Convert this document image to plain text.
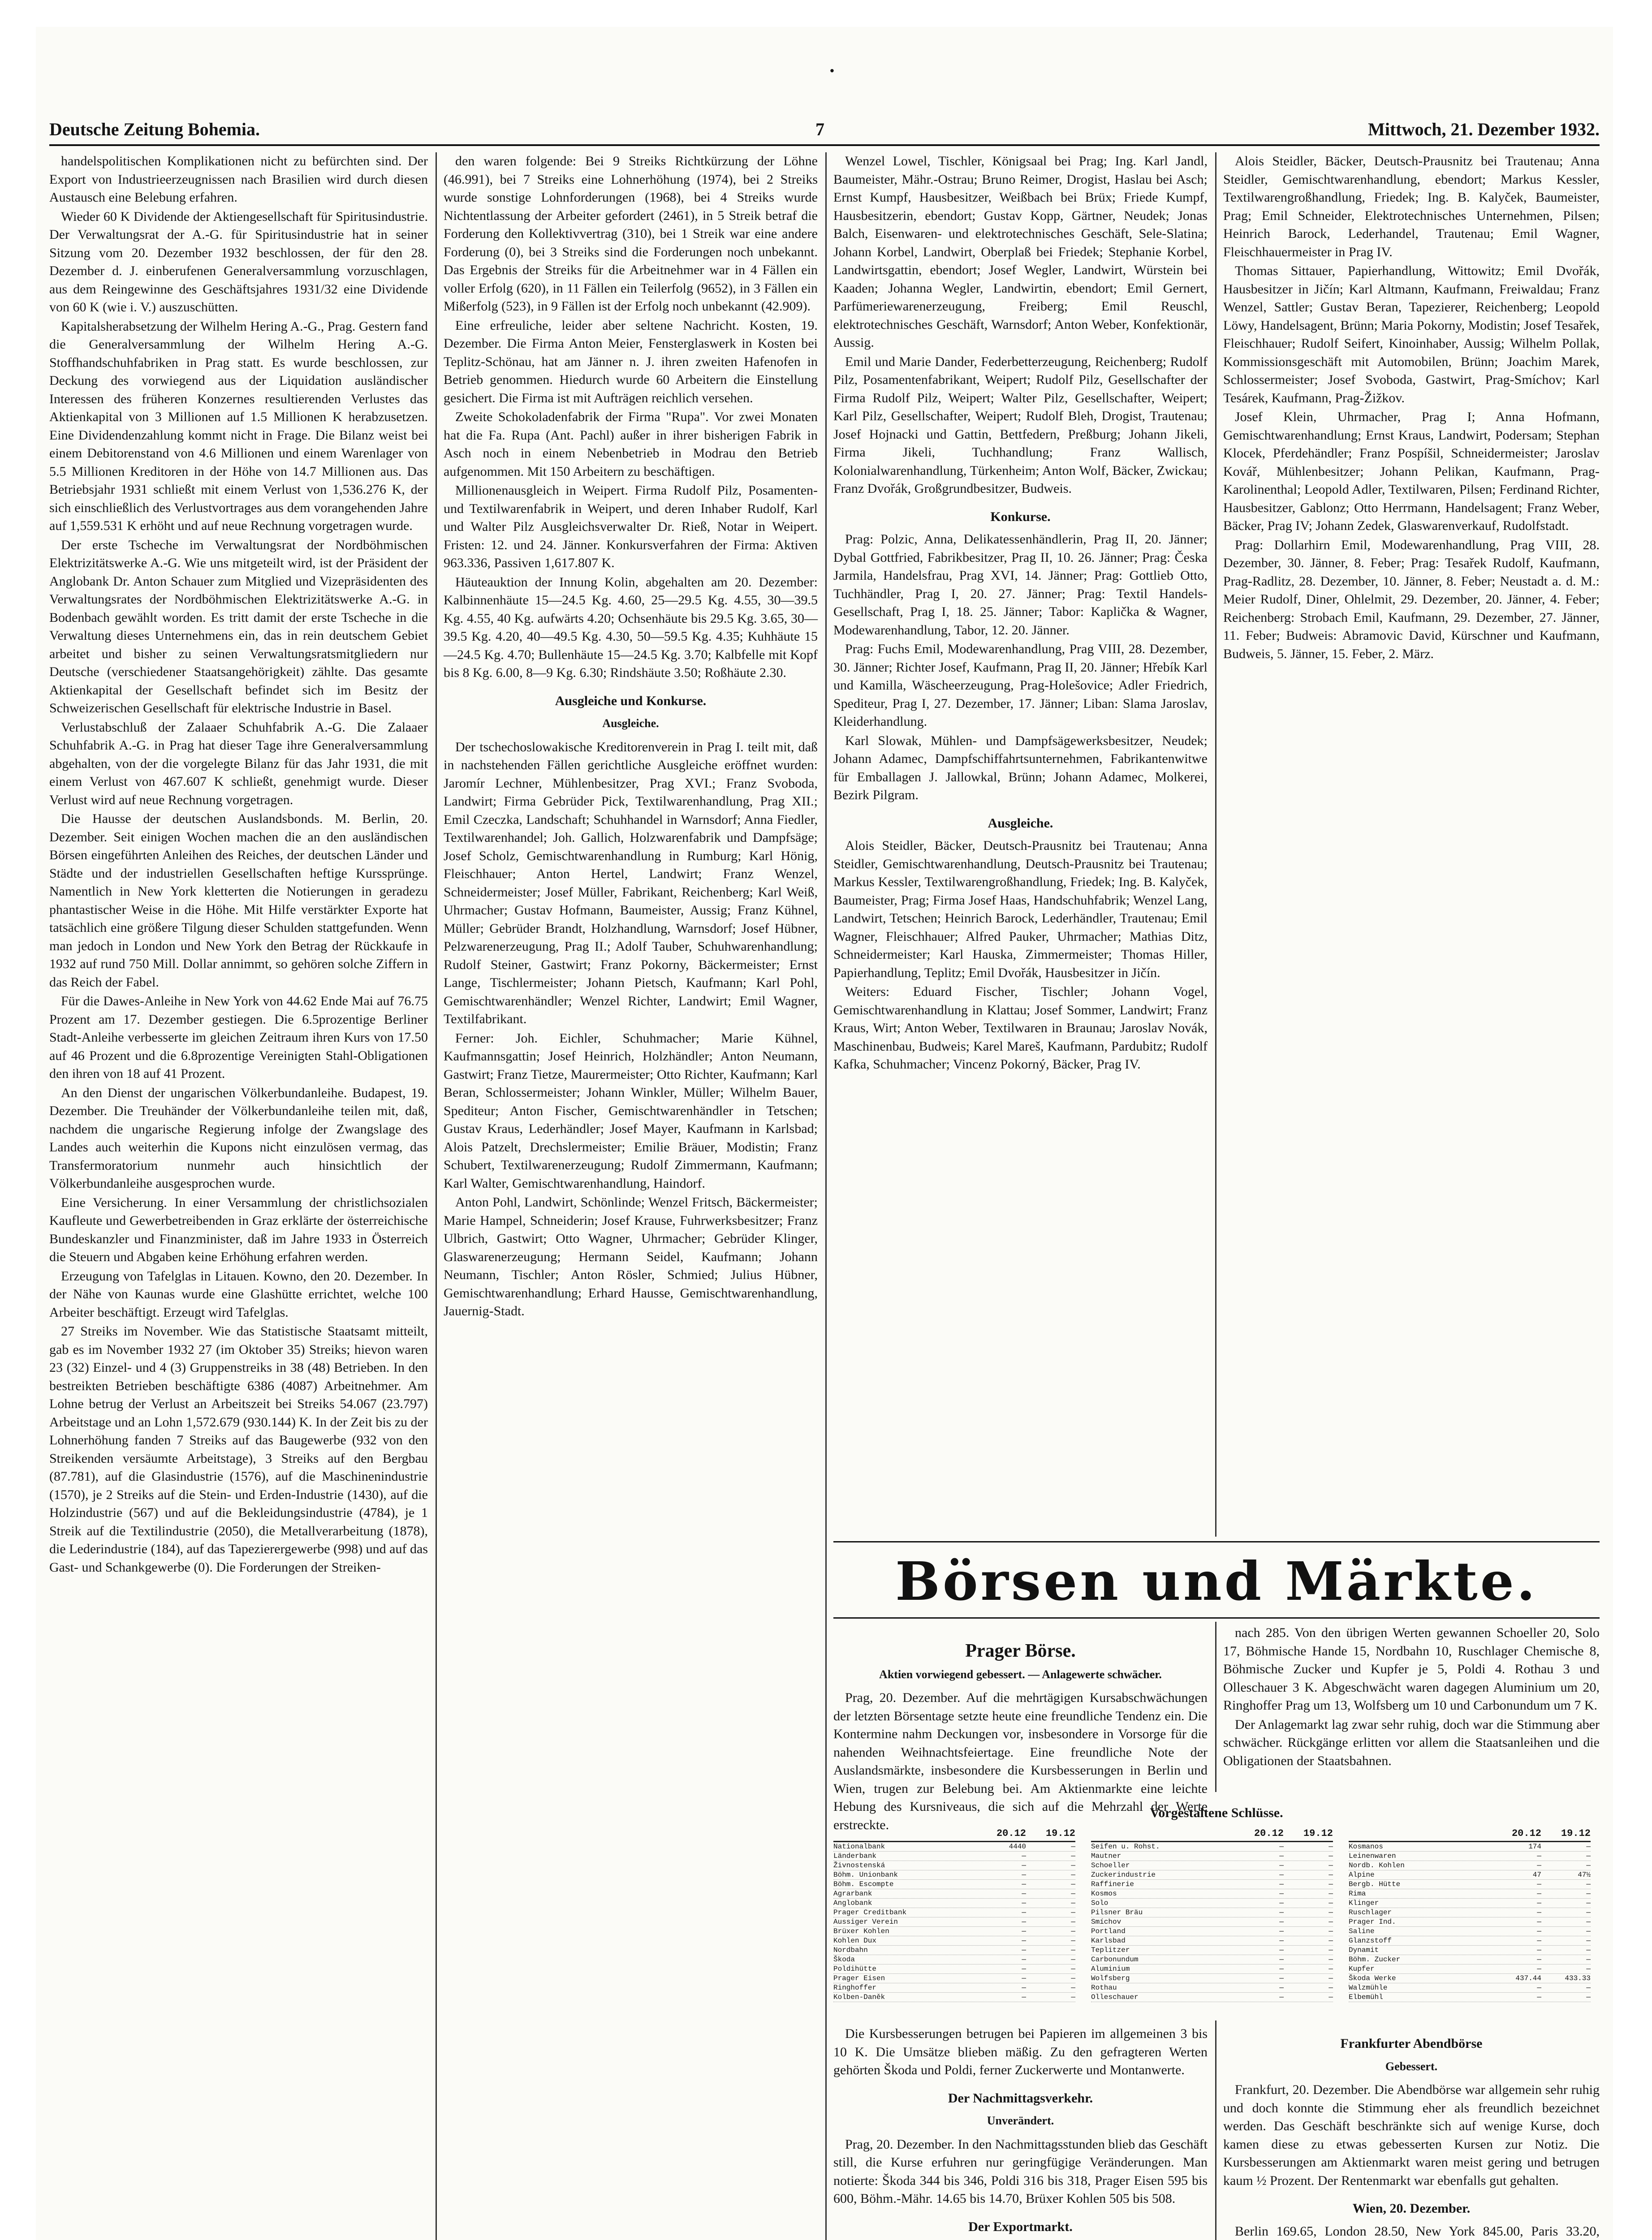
·
Deutsche Zeitung Bohemia.	7	Mittwoch, 21. Dezember 1932.

handelspolitischen Komplikationen nicht zu befürchten sind. Der Export von Industrieerzeugnissen nach Brasilien wird durch diesen Austausch eine Belebung erfahren.

Wieder 60 K Dividende der Aktiengesellschaft für Spiritusindustrie. Der Verwaltungsrat der A.-G. für Spiritusindustrie hat in seiner Sitzung vom 20. Dezember 1932 beschlossen, der für den 28. Dezember d. J. einberufenen Generalversammlung vorzuschlagen, aus dem Reingewinne des Geschäftsjahres 1931/32 eine Dividende von 60 K (wie i. V.) auszuschütten.

Kapitalsherabsetzung der Wilhelm Hering A.-G., Prag. Gestern fand die Generalversammlung der Wilhelm Hering A.-G. Stoffhandschuhfabriken in Prag statt. Es wurde beschlossen, zur Deckung des vorwiegend aus der Liquidation ausländischer Interessen des früheren Konzernes resultierenden Verlustes das Aktienkapital von 3 Millionen auf 1.5 Millionen K herabzusetzen. Eine Dividendenzahlung kommt nicht in Frage. Die Bilanz weist bei einem Debitorenstand von 4.6 Millionen und einem Warenlager von 5.5 Millionen Kreditoren in der Höhe von 14.7 Millionen aus. Das Betriebsjahr 1931 schließt mit einem Verlust von 1,536.276 K, der sich einschließlich des Verlustvortrages aus dem vorangehenden Jahre auf 1,559.531 K erhöht und auf neue Rechnung vorgetragen wurde.

Der erste Tscheche im Verwaltungsrat der Nordböhmischen Elektrizitätswerke A.-G. Wie uns mitgeteilt wird, ist der Präsident der Anglobank Dr. Anton Schauer zum Mitglied und Vizepräsidenten des Verwaltungsrates der Nordböhmischen Elektrizitätswerke A.-G. in Bodenbach gewählt worden. Es tritt damit der erste Tscheche in die Verwaltung dieses Unternehmens ein, das in rein deutschem Gebiet arbeitet und bisher zu seinen Verwaltungsratsmitgliedern nur Deutsche (verschiedener Staatsangehörigkeit) zählte. Das gesamte Aktienkapital der Gesellschaft befindet sich im Besitz der Schweizerischen Gesellschaft für elektrische Industrie in Basel.

Verlustabschluß der Zalaaer Schuhfabrik A.-G. Die Zalaaer Schuhfabrik A.-G. in Prag hat dieser Tage ihre Generalversammlung abgehalten, von der die vorgelegte Bilanz für das Jahr 1931, die mit einem Verlust von 467.607 K schließt, genehmigt wurde. Dieser Verlust wird auf neue Rechnung vorgetragen.

Die Hausse der deutschen Auslandsbonds. M. Berlin, 20. Dezember. Seit einigen Wochen machen die an den ausländischen Börsen eingeführten Anleihen des Reiches, der deutschen Länder und Städte und der industriellen Gesellschaften heftige Kurssprünge. Namentlich in New York kletterten die Notierungen in geradezu phantastischer Weise in die Höhe. Mit Hilfe verstärkter Exporte hat tatsächlich eine größere Tilgung dieser Schulden stattgefunden. Wenn man jedoch in London und New York den Betrag der Rückkaufe in 1932 auf rund 750 Mill. Dollar annimmt, so gehören solche Ziffern in das Reich der Fabel.

Für die Dawes-Anleihe in New York von 44.62 Ende Mai auf 76.75 Prozent am 17. Dezember gestiegen. Die 6.5prozentige Berliner Stadt-Anleihe verbesserte im gleichen Zeitraum ihren Kurs von 17.50 auf 46 Prozent und die 6.8prozentige Vereinigten Stahl-Obligationen den ihren von 18 auf 41 Prozent.

An den Dienst der ungarischen Völkerbundanleihe. Budapest, 19. Dezember. Die Treuhänder der Völkerbundanleihe teilen mit, daß, nachdem die ungarische Regierung infolge der Zwangslage des Landes auch weiterhin die Kupons nicht einzulösen vermag, das Transfermoratorium nunmehr auch hinsichtlich der Völkerbundanleihe ausgesprochen wurde.

Eine Versicherung. In einer Versammlung der christlichsozialen Kaufleute und Gewerbetreibenden in Graz erklärte der österreichische Bundeskanzler und Finanzminister, daß im Jahre 1933 in Österreich die Steuern und Abgaben keine Erhöhung erfahren werden.

Erzeugung von Tafelglas in Litauen. Kowno, den 20. Dezember. In der Nähe von Kaunas wurde eine Glashütte errichtet, welche 100 Arbeiter beschäftigt. Erzeugt wird Tafelglas.

27 Streiks im November. Wie das Statistische Staatsamt mitteilt, gab es im November 1932 27 (im Oktober 35) Streiks; hievon waren 23 (32) Einzel- und 4 (3) Gruppenstreiks in 38 (48) Betrieben. In den bestreikten Betrieben beschäftigte 6386 (4087) Arbeitnehmer. Am Lohne betrug der Verlust an Arbeitszeit bei Streiks 54.067 (23.797) Arbeitstage und an Lohn 1,572.679 (930.144) K. In der Zeit bis zu der Lohnerhöhung fanden 7 Streiks auf das Baugewerbe (932 von den Streikenden versäumte Arbeitstage), 3 Streiks auf den Bergbau (87.781), auf die Glasindustrie (1576), auf die Maschinenindustrie (1570), je 2 Streiks auf die Stein- und Erden-Industrie (1430), auf die Holzindustrie (567) und auf die Bekleidungsindustrie (4784), je 1 Streik auf die Textilindustrie (2050), die Metallverarbeitung (1878), die Lederindustrie (184), auf das Tapezierergewerbe (998) und auf das Gast- und Schankgewerbe (0). Die Forderungen der Streiken-

den waren folgende: Bei 9 Streiks Richtkürzung der Löhne (46.991), bei 7 Streiks eine Lohnerhöhung (1974), bei 2 Streiks wurde sonstige Lohnforderungen (1968), bei 4 Streiks wurde Nichtentlassung der Arbeiter gefordert (2461), in 5 Streik betraf die Forderung den Kollektivvertrag (310), bei 1 Streik war eine andere Forderung (0), bei 3 Streiks sind die Forderungen noch unbekannt. Das Ergebnis der Streiks für die Arbeitnehmer war in 4 Fällen ein voller Erfolg (620), in 11 Fällen ein Teilerfolg (9652), in 3 Fällen ein Mißerfolg (523), in 9 Fällen ist der Erfolg noch unbekannt (42.909).

Eine erfreuliche, leider aber seltene Nachricht. Kosten, 19. Dezember. Die Firma Anton Meier, Fensterglaswerk in Kosten bei Teplitz-Schönau, hat am Jänner n. J. ihren zweiten Hafenofen in Betrieb genommen. Hiedurch wurde 60 Arbeitern die Einstellung gesichert. Die Firma ist mit Aufträgen reichlich versehen.

Zweite Schokoladenfabrik der Firma "Rupa". Vor zwei Monaten hat die Fa. Rupa (Ant. Pachl) außer in ihrer bisherigen Fabrik in Asch noch in einem Nebenbetrieb in Modrau den Betrieb aufgenommen. Mit 150 Arbeitern zu beschäftigen.

Millionenausgleich in Weipert. Firma Rudolf Pilz, Posamenten- und Textilwarenfabrik in Weipert, und deren Inhaber Rudolf, Karl und Walter Pilz Ausgleichsverwalter Dr. Rieß, Notar in Weipert. Fristen: 12. und 24. Jänner. Konkursverfahren der Firma: Aktiven 963.336, Passiven 1,617.807 K.

Häuteauktion der Innung Kolin, abgehalten am 20. Dezember: Kalbinnenhäute 15—24.5 Kg. 4.60, 25—29.5 Kg. 4.55, 30—39.5 Kg. 4.55, 40 Kg. aufwärts 4.20; Ochsenhäute bis 29.5 Kg. 3.65, 30—39.5 Kg. 4.20, 40—49.5 Kg. 4.30, 50—59.5 Kg. 4.35; Kuhhäute 15—24.5 Kg. 4.70; Bullenhäute 15—24.5 Kg. 3.70; Kalbfelle mit Kopf bis 8 Kg. 6.00, 8—9 Kg. 6.30; Rindshäute 3.50; Roßhäute 2.30.

Ausgleiche und Konkurse.
Ausgleiche.

Der tschechoslowakische Kreditorenverein in Prag I. teilt mit, daß in nachstehenden Fällen gerichtliche Ausgleiche eröffnet wurden: Jaromír Lechner, Mühlenbesitzer, Prag XVI.; Franz Svoboda, Landwirt; Firma Gebrüder Pick, Textilwarenhandlung, Prag XII.; Emil Czeczka, Landschaft; Schuhhandel in Warnsdorf; Anna Fiedler, Textilwarenhandel; Joh. Gallich, Holzwarenfabrik und Dampfsäge; Josef Scholz, Gemischtwarenhandlung in Rumburg; Karl Hönig, Fleischhauer; Anton Hertel, Landwirt; Franz Wenzel, Schneidermeister; Josef Müller, Fabrikant, Reichenberg; Karl Weiß, Uhrmacher; Gustav Hofmann, Baumeister, Aussig; Franz Kühnel, Müller; Gebrüder Brandt, Holzhandlung, Warnsdorf; Josef Hübner, Pelzwarenerzeugung, Prag II.; Adolf Tauber, Schuhwarenhandlung; Rudolf Steiner, Gastwirt; Franz Pokorny, Bäckermeister; Ernst Lange, Tischlermeister; Johann Pietsch, Kaufmann; Karl Pohl, Gemischtwarenhändler; Wenzel Richter, Landwirt; Emil Wagner, Textilfabrikant.

Ferner: Joh. Eichler, Schuhmacher; Marie Kühnel, Kaufmannsgattin; Josef Heinrich, Holzhändler; Anton Neumann, Gastwirt; Franz Tietze, Maurermeister; Otto Richter, Kaufmann; Karl Beran, Schlossermeister; Johann Winkler, Müller; Wilhelm Bauer, Spediteur; Anton Fischer, Gemischtwarenhändler in Tetschen; Gustav Kraus, Lederhändler; Josef Mayer, Kaufmann in Karlsbad; Alois Patzelt, Drechslermeister; Emilie Bräuer, Modistin; Franz Schubert, Textilwarenerzeugung; Rudolf Zimmermann, Kaufmann; Karl Walter, Gemischtwarenhandlung, Haindorf.

Anton Pohl, Landwirt, Schönlinde; Wenzel Fritsch, Bäckermeister; Marie Hampel, Schneiderin; Josef Krause, Fuhrwerksbesitzer; Franz Ulbrich, Gastwirt; Otto Wagner, Uhrmacher; Gebrüder Klinger, Glaswarenerzeugung; Hermann Seidel, Kaufmann; Johann Neumann, Tischler; Anton Rösler, Schmied; Julius Hübner, Gemischtwarenhandlung; Erhard Hausse, Gemischtwarenhandlung, Jauernig-Stadt.

Wenzel Lowel, Tischler, Königsaal bei Prag; Ing. Karl Jandl, Baumeister, Mähr.-Ostrau; Bruno Reimer, Drogist, Haslau bei Asch; Ernst Kumpf, Hausbesitzer, Weißbach bei Brüx; Friede Kumpf, Hausbesitzerin, ebendort; Gustav Kopp, Gärtner, Neudek; Jonas Balch, Eisenwaren- und elektrotechnisches Geschäft, Sele-Slatina; Johann Korbel, Landwirt, Oberplaß bei Friedek; Stephanie Korbel, Landwirtsgattin, ebendort; Josef Wegler, Landwirt, Würstein bei Kaaden; Johanna Wegler, Landwirtin, ebendort; Emil Gernert, Parfümeriewarenerzeugung, Freiberg; Emil Reuschl, elektrotechnisches Geschäft, Warnsdorf; Anton Weber, Konfektionär, Aussig.

Emil und Marie Dander, Federbetterzeugung, Reichenberg; Rudolf Pilz, Posamentenfabrikant, Weipert; Rudolf Pilz, Gesellschafter der Firma Rudolf Pilz, Weipert; Walter Pilz, Gesellschafter, Weipert; Karl Pilz, Gesellschafter, Weipert; Rudolf Bleh, Drogist, Trautenau; Josef Hojnacki und Gattin, Bettfedern, Preßburg; Johann Jikeli, Firma Jikeli, Tuchhandlung; Franz Wallisch, Kolonialwarenhandlung, Türkenheim; Anton Wolf, Bäcker, Zwickau; Franz Dvořák, Großgrundbesitzer, Budweis.

Konkurse.

Prag: Polzic, Anna, Delikatessenhändlerin, Prag II, 20. Jänner; Dybal Gottfried, Fabrikbesitzer, Prag II, 10. 26. Jänner; Prag: Česka Jarmila, Handelsfrau, Prag XVI, 14. Jänner; Prag: Gottlieb Otto, Tuchhändler, Prag I, 20. 27. Jänner; Prag: Textil Handels-Gesellschaft, Prag I, 18. 25. Jänner; Tabor: Kaplička & Wagner, Modewarenhandlung, Tabor, 12. 20. Jänner.

Prag: Fuchs Emil, Modewarenhandlung, Prag VIII, 28. Dezember, 30. Jänner; Richter Josef, Kaufmann, Prag II, 20. Jänner; Hřebík Karl und Kamilla, Wäscheerzeugung, Prag-Holešovice; Adler Friedrich, Spediteur, Prag I, 27. Dezember, 17. Jänner; Liban: Slama Jaroslav, Kleiderhandlung.

Karl Slowak, Mühlen- und Dampfsägewerksbesitzer, Neudek; Johann Adamec, Dampfschiffahrtsunternehmen, Fabrikantenwitwe für Emballagen J. Jallowkal, Brünn; Johann Adamec, Molkerei, Bezirk Pilgram.

Ausgleiche.

Alois Steidler, Bäcker, Deutsch-Prausnitz bei Trautenau; Anna Steidler, Gemischtwarenhandlung, Deutsch-Prausnitz bei Trautenau; Markus Kessler, Textilwarengroßhandlung, Friedek; Ing. B. Kalyček, Baumeister, Prag; Firma Josef Haas, Handschuhfabrik; Wenzel Lang, Landwirt, Tetschen; Heinrich Barock, Lederhändler, Trautenau; Emil Wagner, Fleischhauer; Alfred Pauker, Uhrmacher; Mathias Ditz, Schneidermeister; Karl Hauska, Zimmermeister; Thomas Hiller, Papierhandlung, Teplitz; Emil Dvořák, Hausbesitzer in Jičín.

Weiters: Eduard Fischer, Tischler; Johann Vogel, Gemischtwarenhandlung in Klattau; Josef Sommer, Landwirt; Franz Kraus, Wirt; Anton Weber, Textilwaren in Braunau; Jaroslav Novák, Maschinenbau, Budweis; Karel Mareš, Kaufmann, Pardubitz; Rudolf Kafka, Schuhmacher; Vincenz Pokorný, Bäcker, Prag IV.

Alois Steidler, Bäcker, Deutsch-Prausnitz bei Trautenau; Anna Steidler, Gemischtwarenhandlung, ebendort; Markus Kessler, Textilwarengroßhandlung, Friedek; Ing. B. Kalyček, Baumeister, Prag; Emil Schneider, Elektrotechnisches Unternehmen, Pilsen; Heinrich Barock, Lederhandel, Trautenau; Emil Wagner, Fleischhauermeister in Prag IV.

Thomas Sittauer, Papierhandlung, Wittowitz; Emil Dvořák, Hausbesitzer in Jičín; Karl Altmann, Kaufmann, Freiwaldau; Franz Wenzel, Sattler; Gustav Beran, Tapezierer, Reichenberg; Leopold Löwy, Handelsagent, Brünn; Maria Pokorny, Modistin; Josef Tesařek, Fleischhauer; Rudolf Seifert, Kinoinhaber, Aussig; Wilhelm Pollak, Kommissionsgeschäft mit Automobilen, Brünn; Joachim Marek, Schlossermeister; Josef Svoboda, Gastwirt, Prag-Smíchov; Karl Tesárek, Kaufmann, Prag-Žižkov.

Josef Klein, Uhrmacher, Prag I; Anna Hofmann, Gemischtwarenhandlung; Ernst Kraus, Landwirt, Podersam; Stephan Klocek, Pferdehändler; Franz Pospíšil, Schneidermeister; Jaroslav Kovář, Mühlenbesitzer; Johann Pelikan, Kaufmann, Prag-Karolinenthal; Leopold Adler, Textilwaren, Pilsen; Ferdinand Richter, Hausbesitzer, Gablonz; Otto Herrmann, Handelsagent; Franz Weber, Bäcker, Prag IV; Johann Zedek, Glaswarenverkauf, Rudolfstadt.

Prag: Dollarhirn Emil, Modewarenhandlung, Prag VIII, 28. Dezember, 30. Jänner, 8. Feber; Prag: Tesařek Rudolf, Kaufmann, Prag-Radlitz, 28. Dezember, 10. Jänner, 8. Feber; Neustadt a. d. M.: Meier Rudolf, Diner, Ohlelmit, 29. Dezember, 20. Jänner, 4. Feber; Reichenberg: Strobach Emil, Kaufmann, 29. Dezember, 27. Jänner, 11. Feber; Budweis: Abramovic David, Kürschner und Kaufmann, Budweis, 5. Jänner, 15. Feber, 2. März.

Börsen und Märkte.
Prager Börse.
Aktien vorwiegend gebessert. — Anlagewerte schwächer.

Prag, 20. Dezember. Auf die mehrtägigen Kursabschwächungen der letzten Börsentage setzte heute eine freundliche Tendenz ein. Die Kontermine nahm Deckungen vor, insbesondere in Vorsorge für die nahenden Weihnachtsfeiertage. Eine freundliche Note der Auslandsmärkte, insbesondere die Kursbesserungen in Berlin und Wien, trugen zur Belebung bei. Am Aktienmarkte eine leichte Hebung des Kursniveaus, die sich auf die Mehrzahl der Werte erstreckte.

nach 285. Von den übrigen Werten gewannen Schoeller 20, Solo 17, Böhmische Hande 15, Nordbahn 10, Ruschlager Chemische 8, Böhmische Zucker und Kupfer je 5, Poldi 4. Rothau 3 und Olleschauer 3 K. Abgeschwächt waren dagegen Aluminium um 20, Ringhoffer Prag um 13, Wolfsberg um 10 und Carbonundum um 7 K.

Der Anlagemarkt lag zwar sehr ruhig, doch war die Stimmung aber schwächer. Rückgänge erlitten vor allem die Staatsanleihen und die Obligationen der Staatsbahnen.

Vorgestaltene Schlüsse.
20.12	19.12
Nationalbank	4440	—
Länderbank	—	—
Živnostenská	—	—
Böhm. Unionbank	—	—
Böhm. Escompte	—	—
Agrarbank	—	—
Anglobank	—	—
Prager Creditbank	—	—
Aussiger Verein	—	—
Brüxer Kohlen	—	—
Kohlen Dux	—	—
Nordbahn	—	—
Škoda	—	—
Poldihütte	—	—
Prager Eisen	—	—
Ringhoffer	—	—
Kolben-Daněk	—	—
20.12	19.12
Seifen u. Rohst.	—	—
Mautner	—	—
Schoeller	—	—
Zuckerindustrie	—	—
Raffinerie	—	—
Kosmos	—	—
Solo	—	—
Pilsner Bräu	—	—
Smíchov	—	—
Portland	—	—
Karlsbad	—	—
Teplitzer	—	—
Carbonundum	—	—
Aluminium	—	—
Wolfsberg	—	—
Rothau	—	—
Olleschauer	—	—
20.12	19.12
Kosmanos	174	—
Leinenwaren	—	—
Nordb. Kohlen	—	—
Alpine	47	47½
Bergb. Hütte	—	—
Rima	—	—
Klinger	—	—
Ruschlager	—	—
Prager Ind.	—	—
Saline	—	—
Glanzstoff	—	—
Dynamit	—	—
Böhm. Zucker	—	—
Kupfer	—	—
Škoda Werke	437.44	433.33
Walzmühle	—	—
Elbemühl	—	—

Die Kursbesserungen betrugen bei Papieren im allgemeinen 3 bis 10 K. Die Umsätze blieben mäßig. Zu den gefragteren Werten gehörten Škoda und Poldi, ferner Zuckerwerte und Montanwerte.

Der Nachmittagsverkehr.
Unverändert.

Prag, 20. Dezember. In den Nachmittagsstunden blieb das Geschäft still, die Kurse erfuhren nur geringfügige Veränderungen. Man notierte: Škoda 344 bis 346, Poldi 316 bis 318, Prager Eisen 595 bis 600, Böhm.-Mähr. 14.65 bis 14.70, Brüxer Kohlen 505 bis 508.

Der Exportmarkt.

Frankfurter Abendbörse
Gebessert.

Frankfurt, 20. Dezember. Die Abendbörse war allgemein sehr ruhig und doch konnte die Stimmung eher als freundlich bezeichnet werden. Das Geschäft beschränkte sich auf wenige Kurse, doch kamen diese zu etwas gebesserten Kursen zur Notiz. Die Kursbesserungen am Aktienmarkt waren meist gering und betrugen kaum ½ Prozent. Der Rentenmarkt war ebenfalls gut gehalten.

Wien, 20. Dezember.

Berlin 169.65, London 28.50, New York 845.00, Paris 33.20,
